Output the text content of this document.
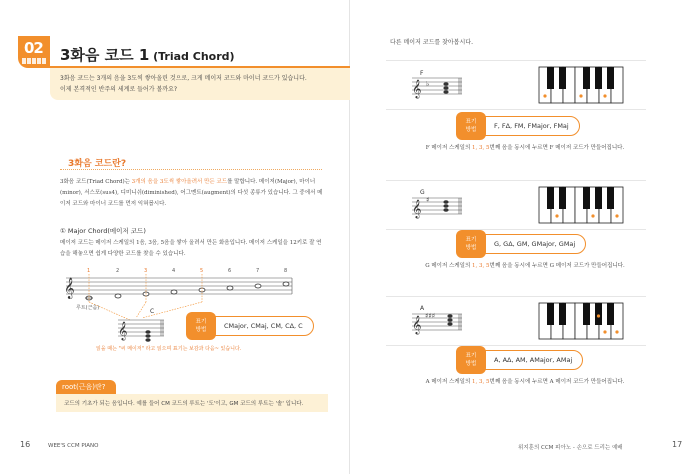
02 3화음 코드 1 (Triad Chord)
3화음 코드는 3개의 음을 3도씩 쌓아올린 것으로, 크게 메이저 코드와 마이너 코드가 있습니다.
이제 본격적인 반주의 세계로 들어가 볼까요?
3화음 코드란?
3화음 코드(Triad Chord)는 3개의 음을 3도씩 쌓아올려서 만든 코드를 말합니다. 메이저(Major), 마이너(minor), 서스포(sus4), 디미니쉬(diminished), 어그멘트(augment)의 다섯 종류가 있습니다. 그 중에서 메이저 코드와 마이너 코드를 먼저 익혀봅시다.
① Major Chord(메이저 코드)
메이저 코드는 메이저 스케일의 1음, 3음, 5음을 쌓아 올려서 만든 화음입니다. 메이저 스케일을 12키로 잘 연습을 해놓으면 쉽게 다양한 코드를 찾을 수 있습니다.
𝄞
1	2	3	4	5	6	7	8
루트(근음)
𝄞
C
표기
방법	CMajor, CMaj, CM, CΔ, C
읽을 때는 "씨 메이저" 라고 읽으며 표기는 보감과 다음~ 있습니다.
root(근음)란?
코드의 기초가 되는 음입니다. 예를 들어 CM 코드의 루트는 '도'이고, GM 코드의 루트는 '솔' 입니다.
16	WEE'S CCM PIANO
다른 메이저 코드를 찾아봅시다.
𝄞 ♭
F
표기
방법	F, FΔ, FM, FMajor, FMaj
F 메이저 스케일의 1, 3, 5번째 음을 동시에 누르면 F 메이저 코드가 만들어집니다.
𝄞 ♯
G
표기
방법	G, GΔ, GM, GMajor, GMaj
G 메이저 스케일의 1, 3, 5번째 음을 동시에 누르면 G 메이저 코드가 만들어집니다.
𝄞 ♯♯♯
A
표기
방법	A, AΔ, AM, AMajor, AMaj
A 메이저 스케일의 1, 3, 5번째 음을 동시에 누르면 A 메이저 코드가 만들어집니다.
위지훈의 CCM 피아노 - 손으로 드리는 예배	17
